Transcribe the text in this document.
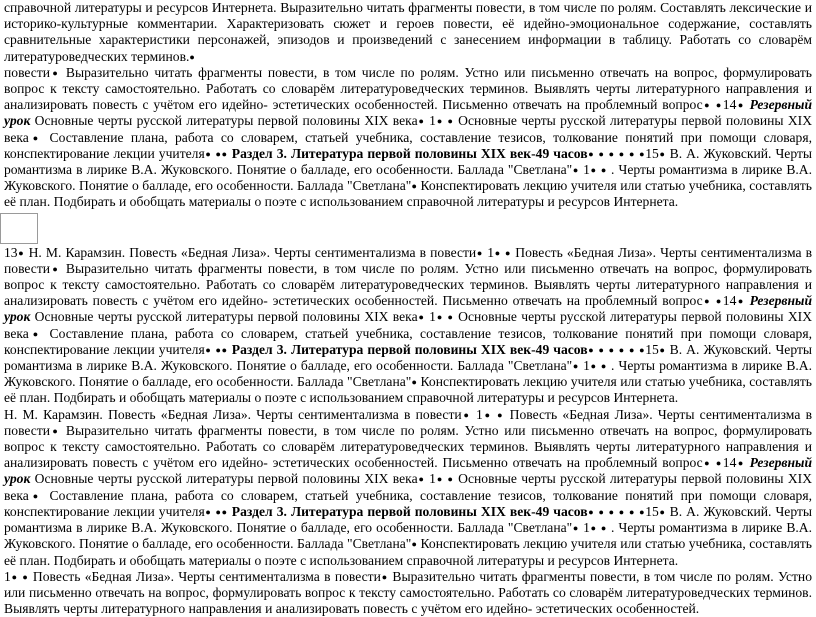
справочной литературы и ресурсов Интернета. Выразительно читать фрагменты повести, в том числе по ролям. Составлять лексические и историко-культурные комментарии. Характеризовать сюжет и героев повести, её идейно-эмоциональное содержание, составлять сравнительные характеристики персонажей, эпизодов и произведений с занесением информации в таблицу. Работать со словарём литературоведческих терминов.●

повести● Выразительно читать фрагменты повести, в том числе по ролям. Устно или письменно отвечать на вопрос, формулировать вопрос к тексту самостоятельно. Работать со словарём литературоведческих терминов. Выявлять черты литературного направления и анализировать повесть с учётом его идейно- эстетических особенностей. Письменно отвечать на проблемный вопрос● ●14● Резервный урок Основные черты русской литературы первой половины XIX века● 1● ● Основные черты русской литературы первой половины XIX века● Составление плана, работа со словарем, статьей учебника, составление тезисов, толкование понятий при помощи словаря, конспектирование лекции учителя● ●● Раздел 3. Литература первой половины XIX век-49 часов● ● ● ● ● ●15● В. А. Жуковский. Черты романтизма в лирике В.А. Жуковского. Понятие о балладе, его особенности. Баллада "Светлана"● 1● ● . Черты романтизма в лирике В.А. Жуковского. Понятие о балладе, его особенности. Баллада "Светлана"● Конспектировать лекцию учителя или статью учебника, составлять её план. Подбирать и обобщать материалы о поэте с использованием справочной литературы и ресурсов Интернета.

13● Н. М. Карамзин. Повесть «Бедная Лиза». Черты сентиментализма в повести● 1● ● Повесть «Бедная Лиза». Черты сентиментализма в повести● Выразительно читать фрагменты повести, в том числе по ролям. Устно или письменно отвечать на вопрос, формулировать вопрос к тексту самостоятельно. Работать со словарём литературоведческих терминов. Выявлять черты литературного направления и анализировать повесть с учётом его идейно- эстетических особенностей. Письменно отвечать на проблемный вопрос● ●14● Резервный урок Основные черты русской литературы первой половины XIX века● 1● ● Основные черты русской литературы первой половины XIX века● Составление плана, работа со словарем, статьей учебника, составление тезисов, толкование понятий при помощи словаря, конспектирование лекции учителя● ●● Раздел 3. Литература первой половины XIX век-49 часов● ● ● ● ● ●15● В. А. Жуковский. Черты романтизма в лирике В.А. Жуковского. Понятие о балладе, его особенности. Баллада "Светлана"● 1● ● . Черты романтизма в лирике В.А. Жуковского. Понятие о балладе, его особенности. Баллада "Светлана"● Конспектировать лекцию учителя или статью учебника, составлять её план. Подбирать и обобщать материалы о поэте с использованием справочной литературы и ресурсов Интернета.

Н. М. Карамзин. Повесть «Бедная Лиза». Черты сентиментализма в повести● 1● ● Повесть «Бедная Лиза». Черты сентиментализма в повести● Выразительно читать фрагменты повести, в том числе по ролям. Устно или письменно отвечать на вопрос, формулировать вопрос к тексту самостоятельно. Работать со словарём литературоведческих терминов. Выявлять черты литературного направления и анализировать повесть с учётом его идейно- эстетических особенностей. Письменно отвечать на проблемный вопрос● ●14● Резервный урок Основные черты русской литературы первой половины XIX века● 1● ● Основные черты русской литературы первой половины XIX века● Составление плана, работа со словарем, статьей учебника, составление тезисов, толкование понятий при помощи словаря, конспектирование лекции учителя● ●● Раздел 3. Литература первой половины XIX век-49 часов● ● ● ● ● ●15● В. А. Жуковский. Черты романтизма в лирике В.А. Жуковского. Понятие о балладе, его особенности. Баллада "Светлана"● 1● ● . Черты романтизма в лирике В.А. Жуковского. Понятие о балладе, его особенности. Баллада "Светлана"● Конспектировать лекцию учителя или статью учебника, составлять её план. Подбирать и обобщать материалы о поэте с использованием справочной литературы и ресурсов Интернета.

1● ● Повесть «Бедная Лиза». Черты сентиментализма в повести● Выразительно читать фрагменты повести, в том числе по ролям. Устно или письменно отвечать на вопрос, формулировать вопрос к тексту самостоятельно. Работать со словарём литературоведческих терминов. Выявлять черты литературного направления и анализировать повесть с учётом его идейно- эстетических особенностей.
